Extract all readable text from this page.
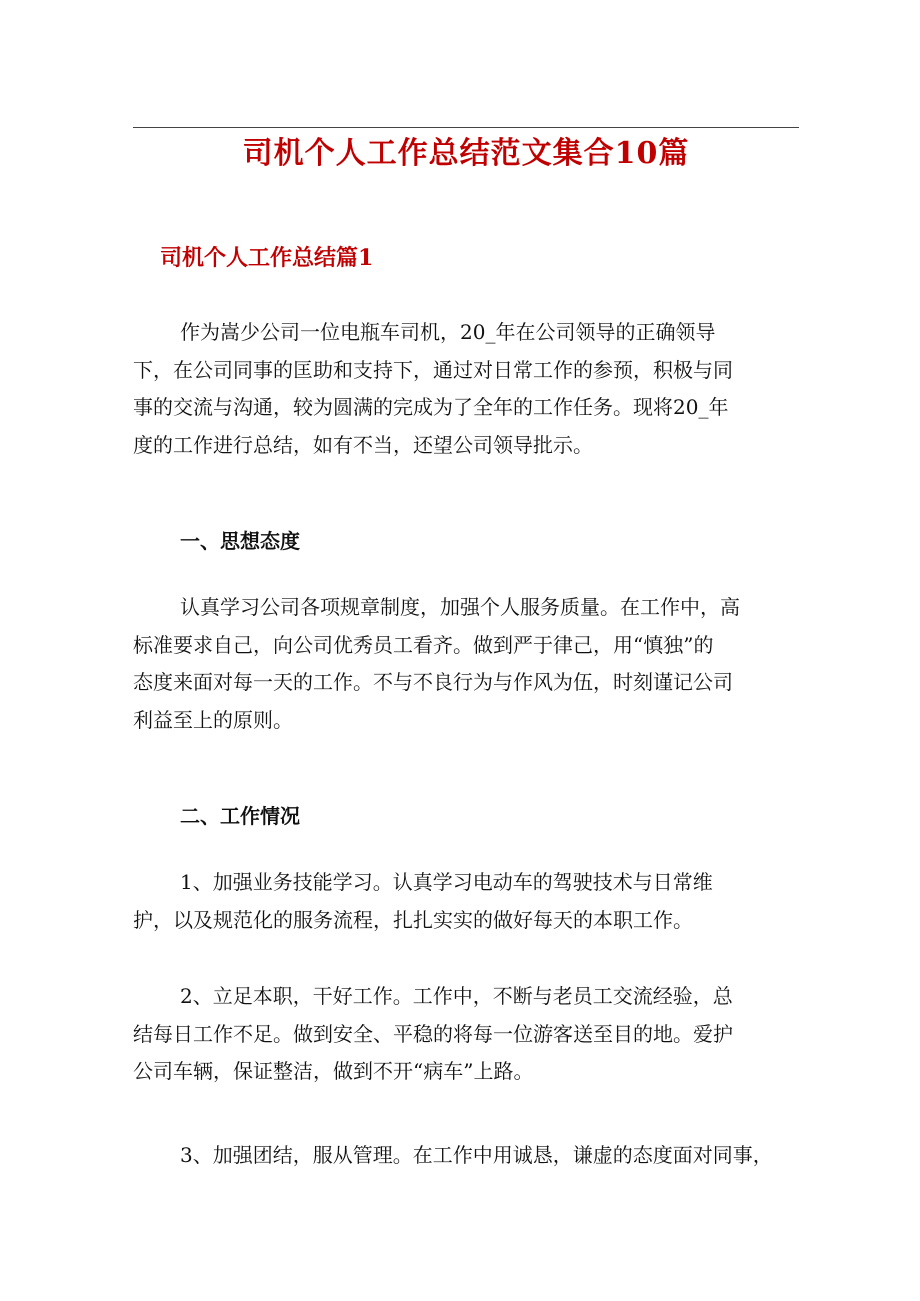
司机个人工作总结范文集合10篇
司机个人工作总结篇1
作为嵩少公司一位电瓶车司机，20_年在公司领导的正确领导
下，在公司同事的匡助和支持下，通过对日常工作的参预，积极与同
事的交流与沟通，较为圆满的完成为了全年的工作任务。现将20_年
度的工作进行总结，如有不当，还望公司领导批示。
一、思想态度
认真学习公司各项规章制度，加强个人服务质量。在工作中，高
标准要求自己，向公司优秀员工看齐。做到严于律己，用“慎独”的
态度来面对每一天的工作。不与不良行为与作风为伍，时刻谨记公司
利益至上的原则。
二、工作情况
1、加强业务技能学习。认真学习电动车的驾驶技术与日常维
护，以及规范化的服务流程，扎扎实实的做好每天的本职工作。
2、立足本职，干好工作。工作中，不断与老员工交流经验，总
结每日工作不足。做到安全、平稳的将每一位游客送至目的地。爱护
公司车辆，保证整洁，做到不开“病车”上路。
3、加强团结，服从管理。在工作中用诚恳，谦虚的态度面对同事，
